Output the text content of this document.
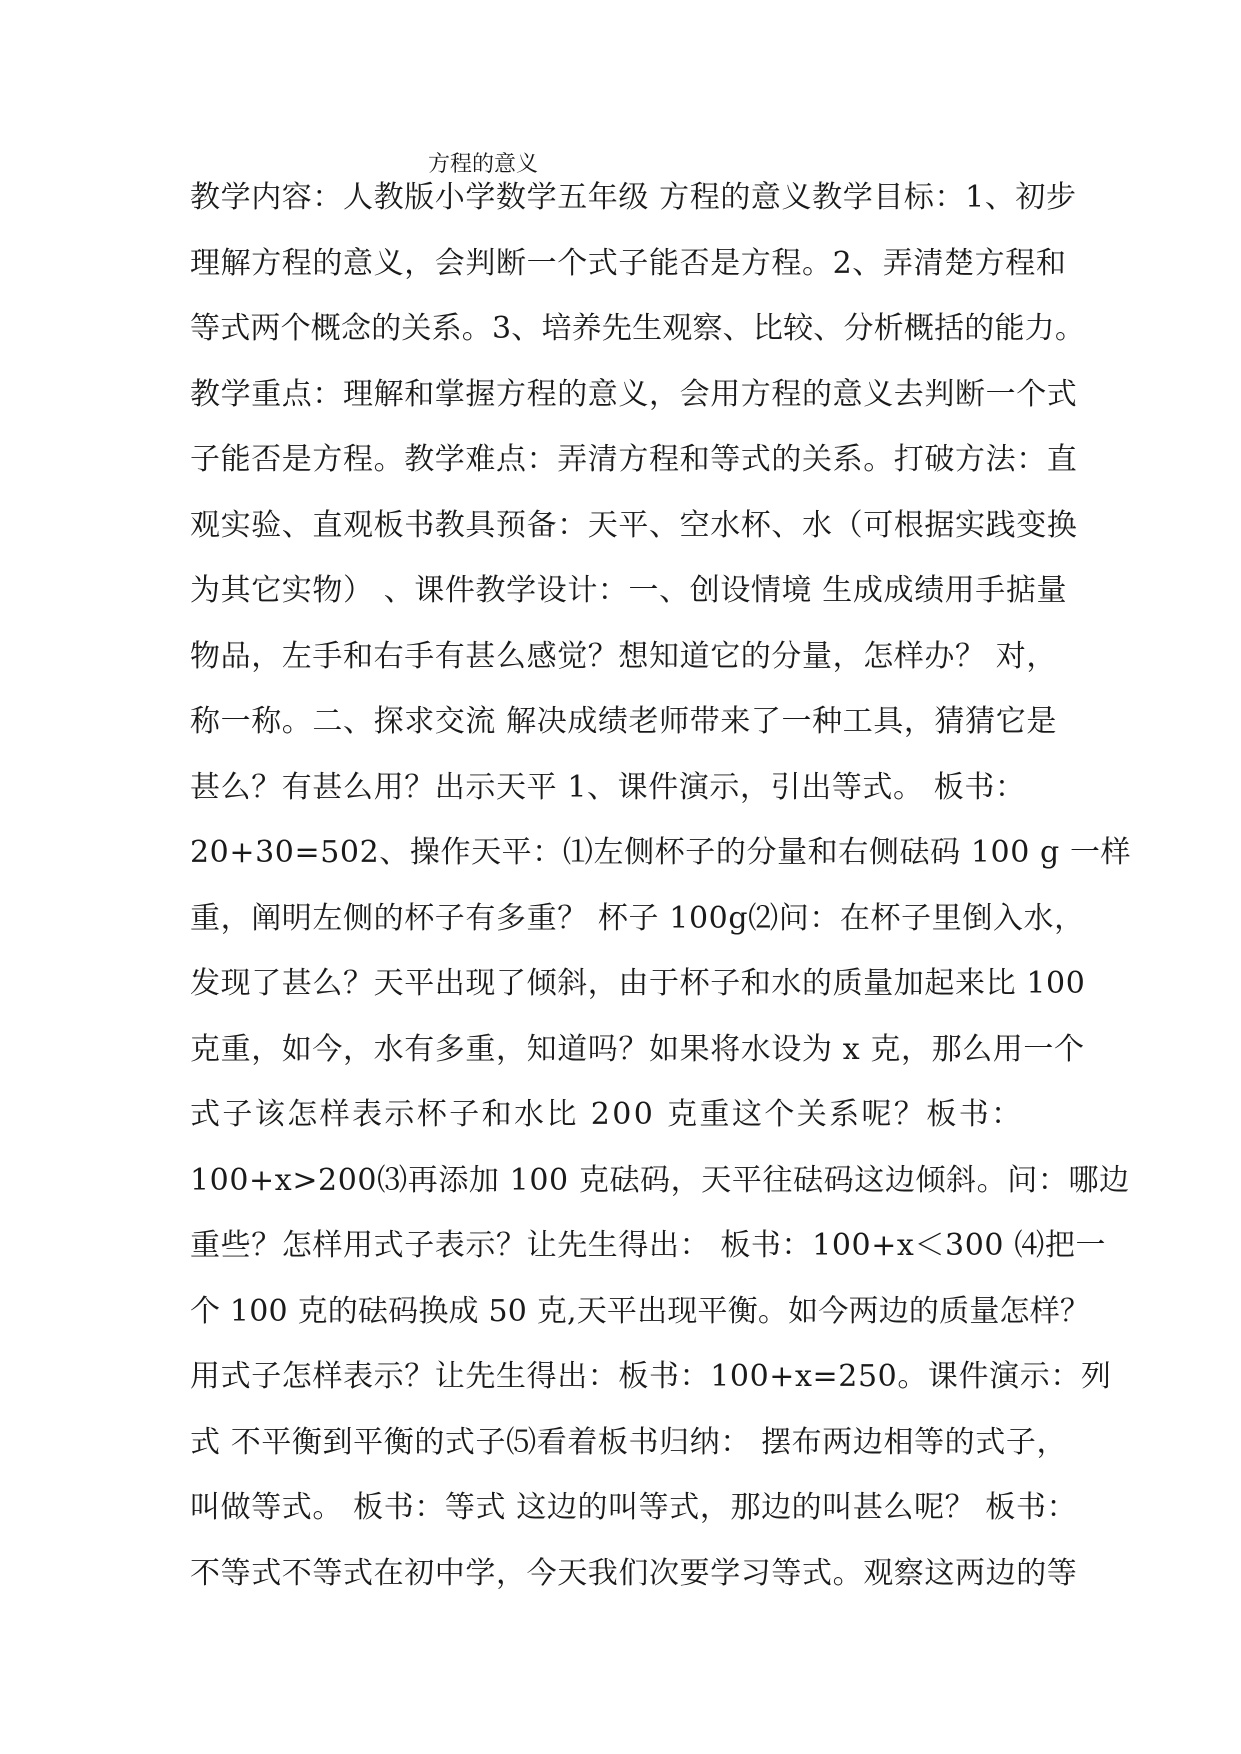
方程的意义
教学内容：人教版小学数学五年级 方程的意义教学目标：1、初步
理解方程的意义，会判断一个式子能否是方程。2、弄清楚方程和
等式两个概念的关系。3、培养先生观察、比较、分析概括的能力。
教学重点：理解和掌握方程的意义，会用方程的意义去判断一个式
子能否是方程。教学难点：弄清方程和等式的关系。打破方法：直
观实验、直观板书教具预备：天平、空水杯、水（可根据实践变换
为其它实物） 、课件教学设计：一、创设情境 生成成绩用手掂量
物品，左手和右手有甚么感觉？想知道它的分量，怎样办？ 对，
称一称。二、探求交流 解决成绩老师带来了一种工具，猜猜它是
甚么？有甚么用？出示天平 1、课件演示，引出等式。 板书：
20+30=502、操作天平：⑴左侧杯子的分量和右侧砝码 100 g 一样
重，阐明左侧的杯子有多重？ 杯子 100g⑵问：在杯子里倒入水，
发现了甚么？天平出现了倾斜，由于杯子和水的质量加起来比 100
克重，如今，水有多重，知道吗？如果将水设为 x 克，那么用一个
式子该怎样表示杯子和水比 200 克重这个关系呢？板书：
100+x>200⑶再添加 100 克砝码，天平往砝码这边倾斜。问：哪边
重些？怎样用式子表示？让先生得出： 板书：100+x＜300 ⑷把一
个 100 克的砝码换成 50 克,天平出现平衡。如今两边的质量怎样？
用式子怎样表示？让先生得出：板书：100+x=250。课件演示：列
式 不平衡到平衡的式子⑸看着板书归纳： 摆布两边相等的式子，
叫做等式。 板书：等式 这边的叫等式，那边的叫甚么呢？ 板书：
不等式不等式在初中学，今天我们次要学习等式。观察这两边的等
